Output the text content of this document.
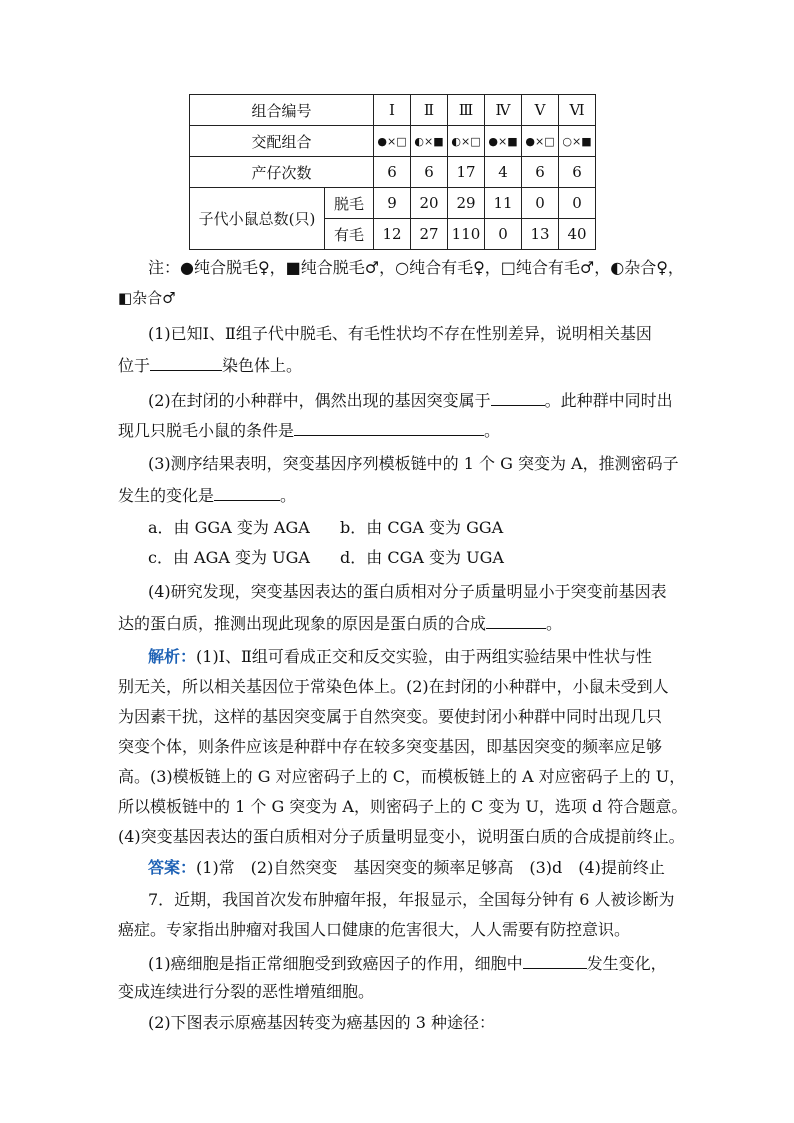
组合编号		Ⅰ	Ⅱ	Ⅲ	Ⅳ	Ⅴ	Ⅵ
交配组合		●×□	◐×■	◐×□	●×■	●×□	○×■
产仔次数		6	6	17	4	6	6
子代小鼠总数(只)	脱毛	9	20	29	11	0	0
	有毛	12	27	110	0	13	40
注：●纯合脱毛♀，■纯合脱毛♂，○纯合有毛♀，□纯合有毛♂，◐杂合♀，
◧杂合♂
(1)已知Ⅰ、Ⅱ组子代中脱毛、有毛性状均不存在性别差异，说明相关基因
位于	染色体上。
(2)在封闭的小种群中，偶然出现的基因突变属于	。此种群中同时出
现几只脱毛小鼠的条件是	。
(3)测序结果表明，突变基因序列模板链中的 1 个 G 突变为 A，推测密码子
发生的变化是	。
a．由 GGA 变为 AGA b．由 CGA 变为 GGA
c．由 AGA 变为 UGA d．由 CGA 变为 UGA
(4)研究发现，突变基因表达的蛋白质相对分子质量明显小于突变前基因表
达的蛋白质，推测出现此现象的原因是蛋白质的合成	。
解析：(1)Ⅰ、Ⅱ组可看成正交和反交实验，由于两组实验结果中性状与性
别无关，所以相关基因位于常染色体上。(2)在封闭的小种群中，小鼠未受到人
为因素干扰，这样的基因突变属于自然突变。要使封闭小种群中同时出现几只
突变个体，则条件应该是种群中存在较多突变基因，即基因突变的频率应足够
高。(3)模板链上的 G 对应密码子上的 C，而模板链上的 A 对应密码子上的 U，
所以模板链中的 1 个 G 突变为 A，则密码子上的 C 变为 U，选项 d 符合题意。
(4)突变基因表达的蛋白质相对分子质量明显变小，说明蛋白质的合成提前终止。
答案：(1)常　(2)自然突变　基因突变的频率足够高　(3)d　(4)提前终止
7．近期，我国首次发布肿瘤年报，年报显示，全国每分钟有 6 人被诊断为
癌症。专家指出肿瘤对我国人口健康的危害很大，人人需要有防控意识。
(1)癌细胞是指正常细胞受到致癌因子的作用，细胞中	发生变化，
变成连续进行分裂的恶性增殖细胞。
(2)下图表示原癌基因转变为癌基因的 3 种途径：
